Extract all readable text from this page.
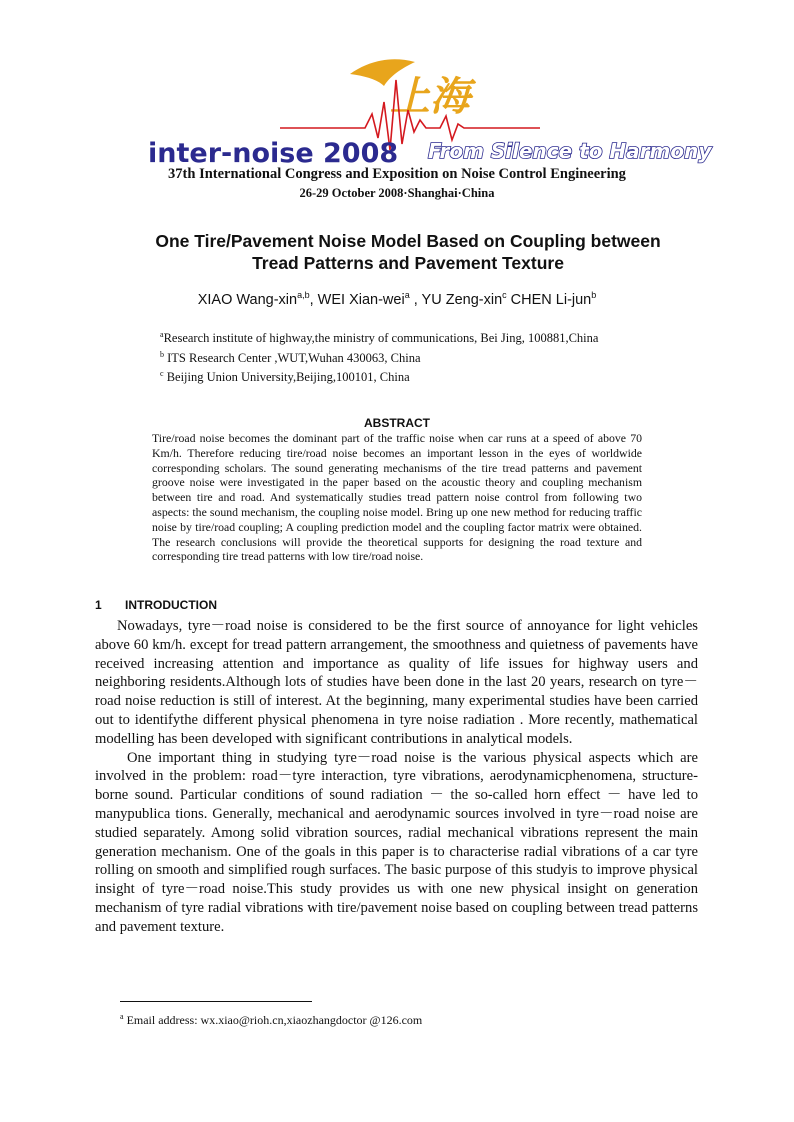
上海
inter-noise 2008 From Silence to Harmony
37th International Congress and Exposition on Noise Control Engineering
26-29 October 2008·Shanghai·China
One Tire/Pavement Noise Model Based on Coupling between
Tread Patterns and Pavement Texture
XIAO Wang-xin$^{a,b}$, WEI Xian-wei$^a$ , YU Zeng-xin$^c$ CHEN Li-jun$^b$
$^a$Research institute of highway,the ministry of communications, Bei Jing, 100881,China
$^b$ ITS Research Center ,WUT,Wuhan 430063, China
$^c$ Beijing Union University,Beijing,100101, China
ABSTRACT
Tire/road noise becomes the dominant part of the traffic noise when car runs at a speed of above 70 Km/h. Therefore reducing tire/road noise becomes an important lesson in the eyes of worldwide corresponding scholars. The sound generating mechanisms of the tire tread patterns and pavement groove noise were investigated in the paper based on the acoustic theory and coupling mechanism between tire and road. And systematically studies tread pattern noise control from following two aspects: the sound mechanism, the coupling noise model. Bring up one new method for reducing traffic noise by tire/road coupling; A coupling prediction model and the coupling factor matrix were obtained. The research conclusions will provide the theoretical supports for designing the road texture and corresponding tire tread patterns with low tire/road noise.
1 INTRODUCTION

Nowadays, tyre－road noise is considered to be the first source of annoyance for light vehicles above 60 km/h. except for tread pattern arrangement, the smoothness and quietness of pavements have received increasing attention and importance as quality of life issues for highway users and neighboring residents.Although lots of studies have been done in the last 20 years, research on tyre－road noise reduction is still of interest. At the beginning, many experimental studies have been carried out to identifythe different physical phenomena in tyre noise radiation . More recently, mathematical modelling has been developed with significant contributions in analytical models.

One important thing in studying tyre－road noise is the various physical aspects which are involved in the problem: road－tyre interaction, tyre vibrations, aerodynamicphenomena, structure-borne sound. Particular conditions of sound radiation － the so-called horn effect － have led to manypublica tions. Generally, mechanical and aerodynamic sources involved in tyre－road noise are studied separately. Among solid vibration sources, radial mechanical vibrations represent the main generation mechanism. One of the goals in this paper is to characterise radial vibrations of a car tyre rolling on smooth and simplified rough surfaces. The basic purpose of this studyis to improve physical insight of tyre－road noise.This study provides us with one new physical insight on generation mechanism of tyre radial vibrations with tire/pavement noise based on coupling between tread patterns and pavement texture.

$^a$ Email address: wx.xiao@rioh.cn,xiaozhangdoctor @126.com
